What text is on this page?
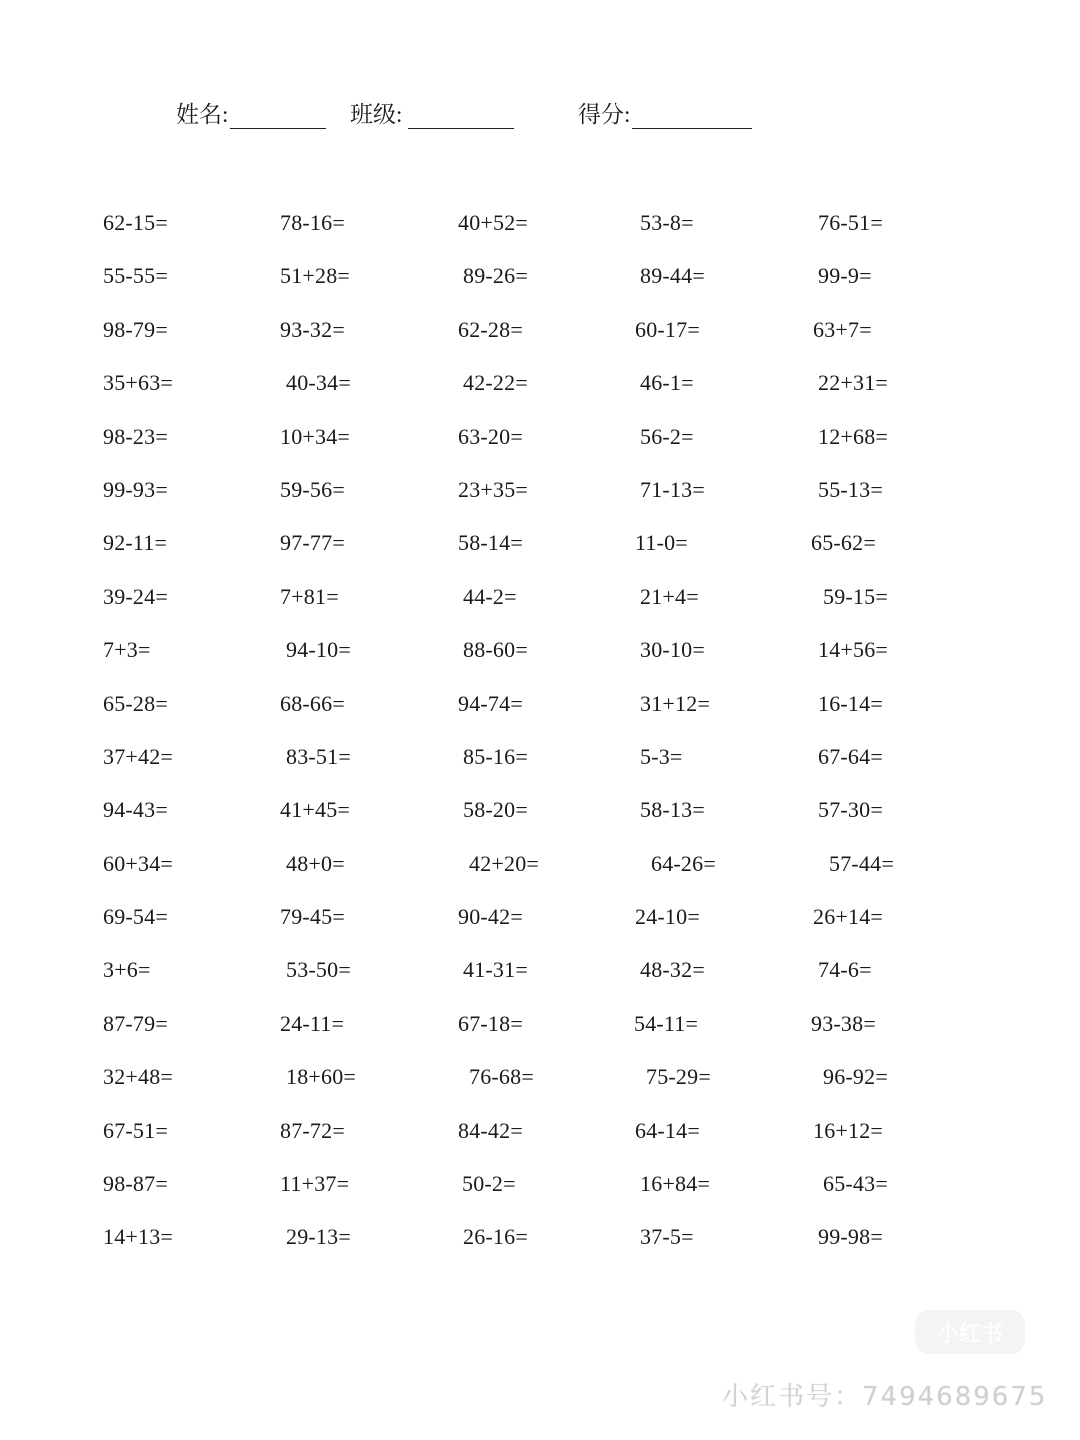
姓名:	班级:	得分:
62-15=	78-16=	40+52=	53-8=	76-51=
55-55=	51+28=	89-26=	89-44=	99-9=
98-79=	93-32=	62-28=	60-17=	63+7=
35+63=	40-34=	42-22=	46-1=	22+31=
98-23=	10+34=	63-20=	56-2=	12+68=
99-93=	59-56=	23+35=	71-13=	55-13=
92-11=	97-77=	58-14=	11-0=	65-62=
39-24=	7+81=	44-2=	21+4=	59-15=
7+3=	94-10=	88-60=	30-10=	14+56=
65-28=	68-66=	94-74=	31+12=	16-14=
37+42=	83-51=	85-16=	5-3=	67-64=
94-43=	41+45=	58-20=	58-13=	57-30=
60+34=	48+0=	42+20=	64-26=	57-44=
69-54=	79-45=	90-42=	24-10=	26+14=
3+6=	53-50=	41-31=	48-32=	74-6=
87-79=	24-11=	67-18=	54-11=	93-38=
32+48=	18+60=	76-68=	75-29=	96-92=
67-51=	87-72=	84-42=	64-14=	16+12=
98-87=	11+37=	50-2=	16+84=	65-43=
14+13=	29-13=	26-16=	37-5=	99-98=
小红书
小红书号：7494689675
